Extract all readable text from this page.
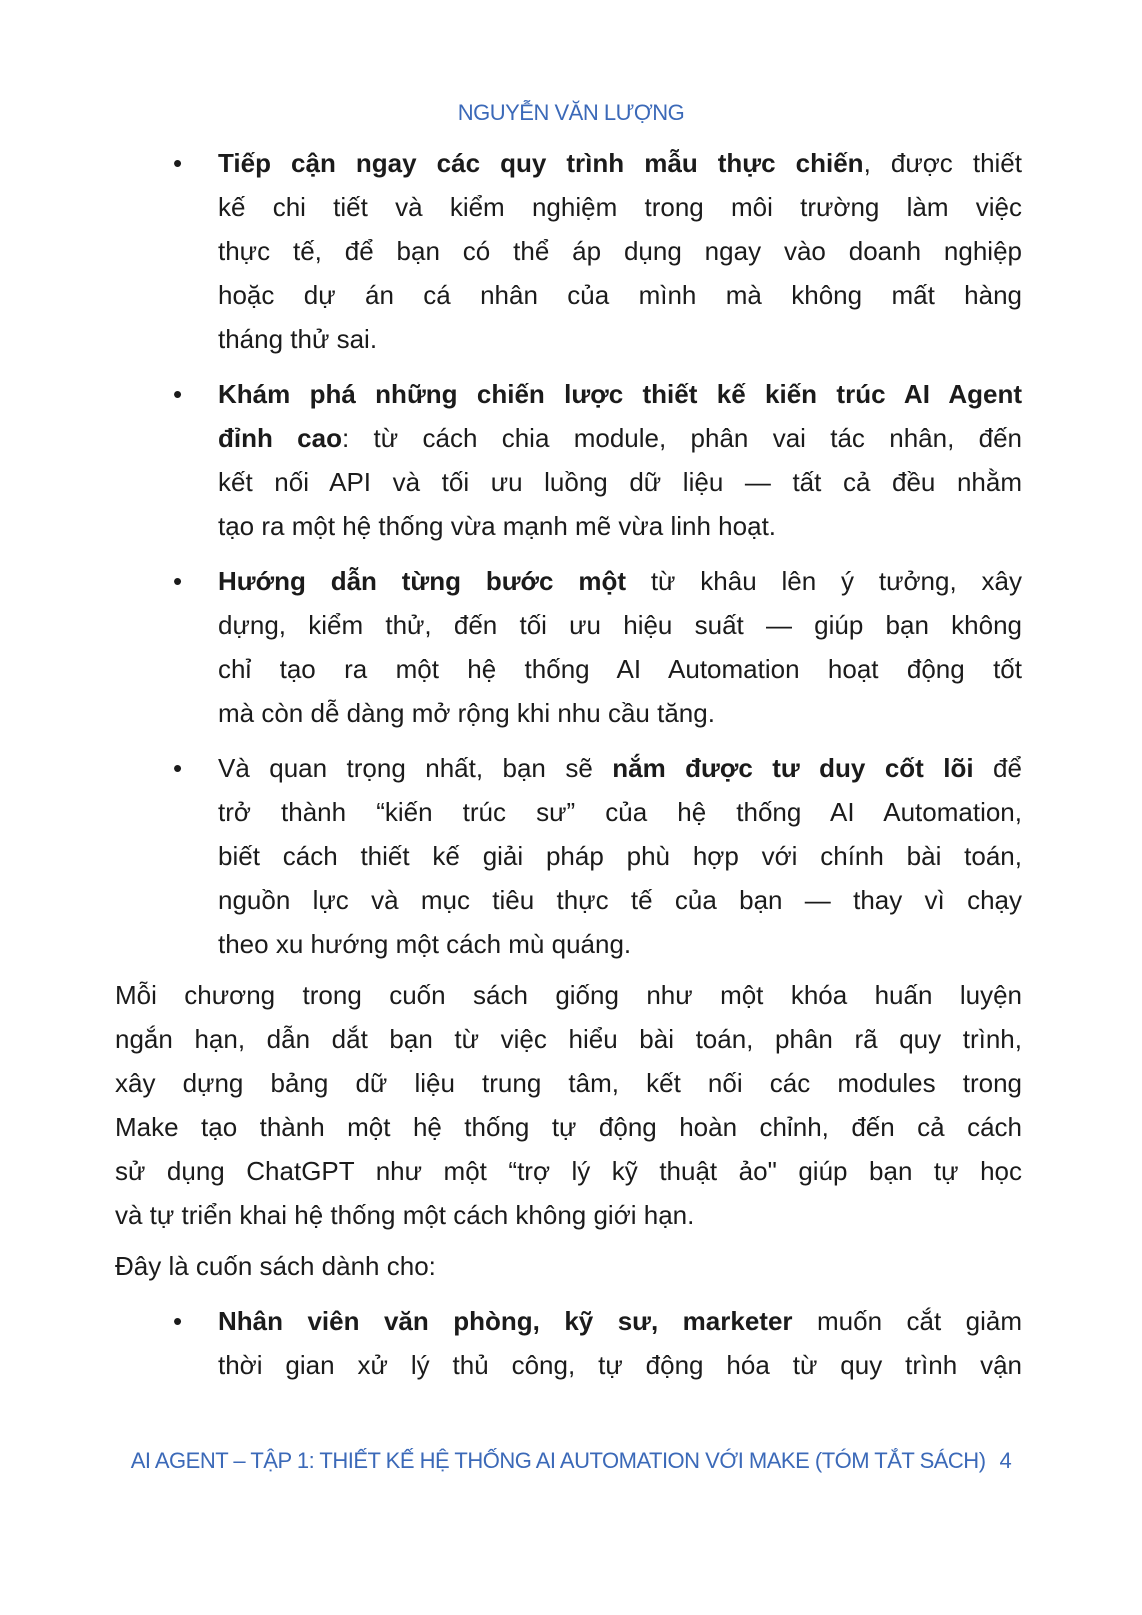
NGUYỄN VĂN LƯỢNG
• Tiếp cận ngay các quy trình mẫu thực chiến, được thiết
kế chi tiết và kiểm nghiệm trong môi trường làm việc
thực tế, để bạn có thể áp dụng ngay vào doanh nghiệp
hoặc dự án cá nhân của mình mà không mất hàng
tháng thử sai.
• Khám phá những chiến lược thiết kế kiến trúc AI Agent
đỉnh cao: từ cách chia module, phân vai tác nhân, đến
kết nối API và tối ưu luồng dữ liệu — tất cả đều nhằm
tạo ra một hệ thống vừa mạnh mẽ vừa linh hoạt.
• Hướng dẫn từng bước một từ khâu lên ý tưởng, xây
dựng, kiểm thử, đến tối ưu hiệu suất — giúp bạn không
chỉ tạo ra một hệ thống AI Automation hoạt động tốt
mà còn dễ dàng mở rộng khi nhu cầu tăng.
• Và quan trọng nhất, bạn sẽ nắm được tư duy cốt lõi để
trở thành “kiến trúc sư” của hệ thống AI Automation,
biết cách thiết kế giải pháp phù hợp với chính bài toán,
nguồn lực và mục tiêu thực tế của bạn — thay vì chạy
theo xu hướng một cách mù quáng.
Mỗi chương trong cuốn sách giống như một khóa huấn luyện
ngắn hạn, dẫn dắt bạn từ việc hiểu bài toán, phân rã quy trình,
xây dựng bảng dữ liệu trung tâm, kết nối các modules trong
Make tạo thành một hệ thống tự động hoàn chỉnh, đến cả cách
sử dụng ChatGPT như một “trợ lý kỹ thuật ảo" giúp bạn tự học
và tự triển khai hệ thống một cách không giới hạn.
Đây là cuốn sách dành cho:
• Nhân viên văn phòng, kỹ sư, marketer muốn cắt giảm
thời gian xử lý thủ công, tự động hóa từ quy trình vận
AI AGENT – TẬP 1: THIẾT KẾ HỆ THỐNG AI AUTOMATION VỚI MAKE (TÓM TẮT SÁCH) 4
